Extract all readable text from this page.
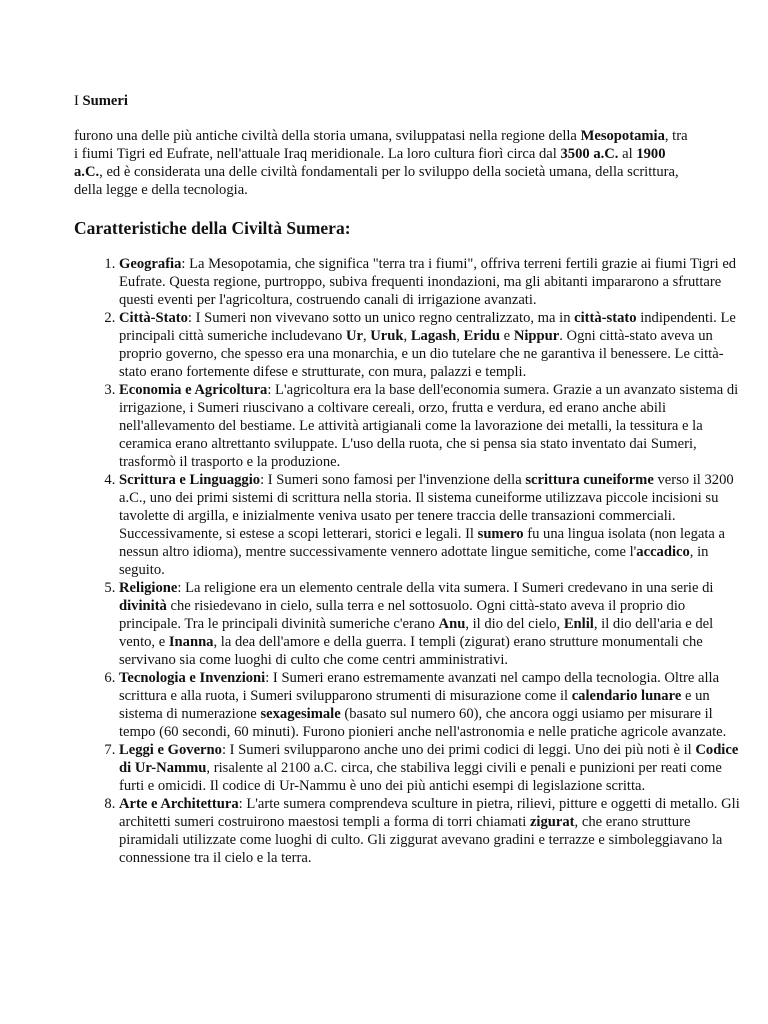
I Sumeri

furono una delle più antiche civiltà della storia umana, sviluppatasi nella regione della Mesopotamia, tra i fiumi Tigri ed Eufrate, nell'attuale Iraq meridionale. La loro cultura fiorì circa dal 3500 a.C. al 1900 a.C., ed è considerata una delle civiltà fondamentali per lo sviluppo della società umana, della scrittura, della legge e della tecnologia.

Caratteristiche della Civiltà Sumera:
1. Geografia: La Mesopotamia, che significa "terra tra i fiumi", offriva terreni fertili grazie ai fiumi Tigri ed Eufrate. Questa regione, purtroppo, subiva frequenti inondazioni, ma gli abitanti impararono a sfruttare questi eventi per l'agricoltura, costruendo canali di irrigazione avanzati.
2. Città-Stato: I Sumeri non vivevano sotto un unico regno centralizzato, ma in città-stato indipendenti. Le principali città sumeriche includevano Ur, Uruk, Lagash, Eridu e Nippur. Ogni città-stato aveva un proprio governo, che spesso era una monarchia, e un dio tutelare che ne garantiva il benessere. Le città-stato erano fortemente difese e strutturate, con mura, palazzi e templi.
3. Economia e Agricoltura: L'agricoltura era la base dell'economia sumera. Grazie a un avanzato sistema di irrigazione, i Sumeri riuscivano a coltivare cereali, orzo, frutta e verdura, ed erano anche abili nell'allevamento del bestiame. Le attività artigianali come la lavorazione dei metalli, la tessitura e la ceramica erano altrettanto sviluppate. L'uso della ruota, che si pensa sia stato inventato dai Sumeri, trasformò il trasporto e la produzione.
4. Scrittura e Linguaggio: I Sumeri sono famosi per l'invenzione della scrittura cuneiforme verso il 3200 a.C., uno dei primi sistemi di scrittura nella storia. Il sistema cuneiforme utilizzava piccole incisioni su tavolette di argilla, e inizialmente veniva usato per tenere traccia delle transazioni commerciali. Successivamente, si estese a scopi letterari, storici e legali. Il sumero fu una lingua isolata (non legata a nessun altro idioma), mentre successivamente vennero adottate lingue semitiche, come l'accadico, in seguito.
5. Religione: La religione era un elemento centrale della vita sumera. I Sumeri credevano in una serie di divinità che risiedevano in cielo, sulla terra e nel sottosuolo. Ogni città-stato aveva il proprio dio principale. Tra le principali divinità sumeriche c'erano Anu, il dio del cielo, Enlil, il dio dell'aria e del vento, e Inanna, la dea dell'amore e della guerra. I templi (zigurat) erano strutture monumentali che servivano sia come luoghi di culto che come centri amministrativi.
6. Tecnologia e Invenzioni: I Sumeri erano estremamente avanzati nel campo della tecnologia. Oltre alla scrittura e alla ruota, i Sumeri svilupparono strumenti di misurazione come il calendario lunare e un sistema di numerazione sexagesimale (basato sul numero 60), che ancora oggi usiamo per misurare il tempo (60 secondi, 60 minuti). Furono pionieri anche nell'astronomia e nelle pratiche agricole avanzate.
7. Leggi e Governo: I Sumeri svilupparono anche uno dei primi codici di leggi. Uno dei più noti è il Codice di Ur-Nammu, risalente al 2100 a.C. circa, che stabiliva leggi civili e penali e punizioni per reati come furti e omicidi. Il codice di Ur-Nammu è uno dei più antichi esempi di legislazione scritta.
8. Arte e Architettura: L'arte sumera comprendeva sculture in pietra, rilievi, pitture e oggetti di metallo. Gli architetti sumeri costruirono maestosi templi a forma di torri chiamati zigurat, che erano strutture piramidali utilizzate come luoghi di culto. Gli ziggurat avevano gradini e terrazze e simboleggiavano la connessione tra il cielo e la terra.
